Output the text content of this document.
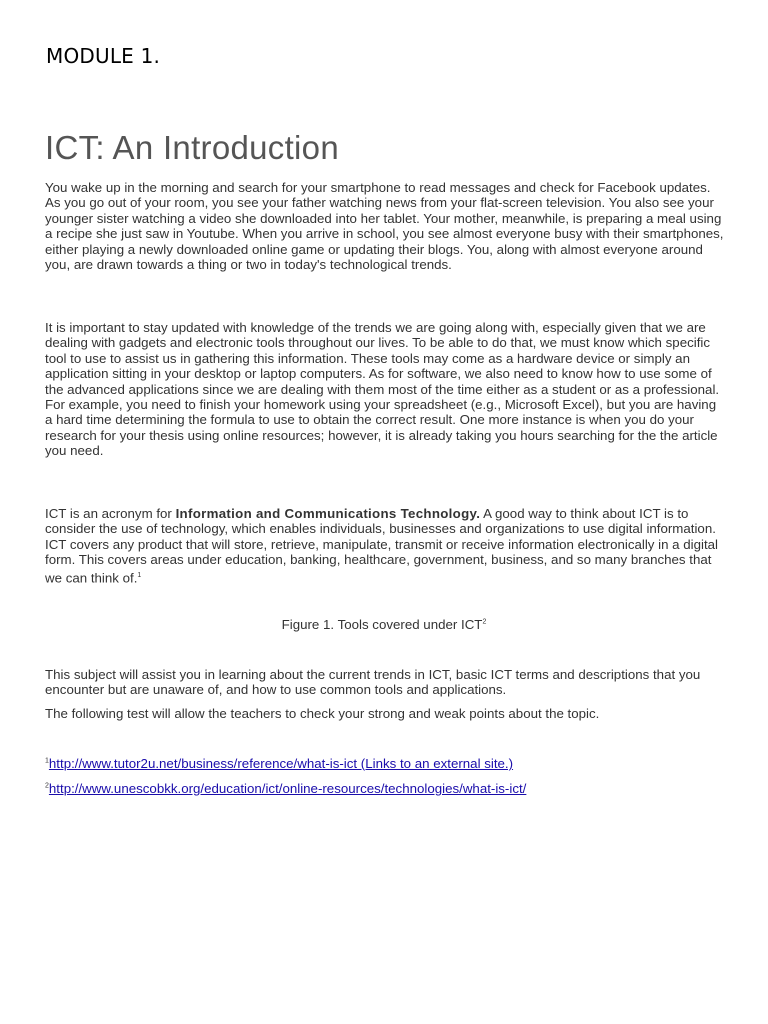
MODULE 1.
ICT: An Introduction

You wake up in the morning and search for your smartphone to read messages and check for Facebook updates. As you go out of your room, you see your father watching news from your flat-screen television. You also see your younger sister watching a video she downloaded into her tablet. Your mother, meanwhile, is preparing a meal using a recipe she just saw in Youtube. When you arrive in school, you see almost everyone busy with their smartphones, either playing a newly downloaded online game or updating their blogs. You, along with almost everyone around you, are drawn towards a thing or two in today's technological trends.

It is important to stay updated with knowledge of the trends we are going along with, especially given that we are dealing with gadgets and electronic tools throughout our lives. To be able to do that, we must know which specific tool to use to assist us in gathering this information. These tools may come as a hardware device or simply an application sitting in your desktop or laptop computers. As for software, we also need to know how to use some of the advanced applications since we are dealing with them most of the time either as a student or as a professional. For example, you need to finish your homework using your spreadsheet (e.g., Microsoft Excel), but you are having a hard time determining the formula to use to obtain the correct result. One more instance is when you do your research for your thesis using online resources; however, it is already taking you hours searching for the the article you need.

ICT is an acronym for Information and Communications Technology. A good way to think about ICT is to consider the use of technology, which enables individuals, businesses and organizations to use digital information. ICT covers any product that will store, retrieve, manipulate, transmit or receive information electronically in a digital form. This covers areas under education, banking, healthcare, government, business, and so many branches that we can think of.$^1$

Figure 1. Tools covered under ICT$^2$

This subject will assist you in learning about the current trends in ICT, basic ICT terms and descriptions that you encounter but are unaware of, and how to use common tools and applications.

The following test will allow the teachers to check your strong and weak points about the topic.

$^1$http://www.tutor2u.net/business/reference/what-is-ict (Links to an external site.)

$^2$http://www.unescobkk.org/education/ict/online-resources/technologies/what-is-ict/
